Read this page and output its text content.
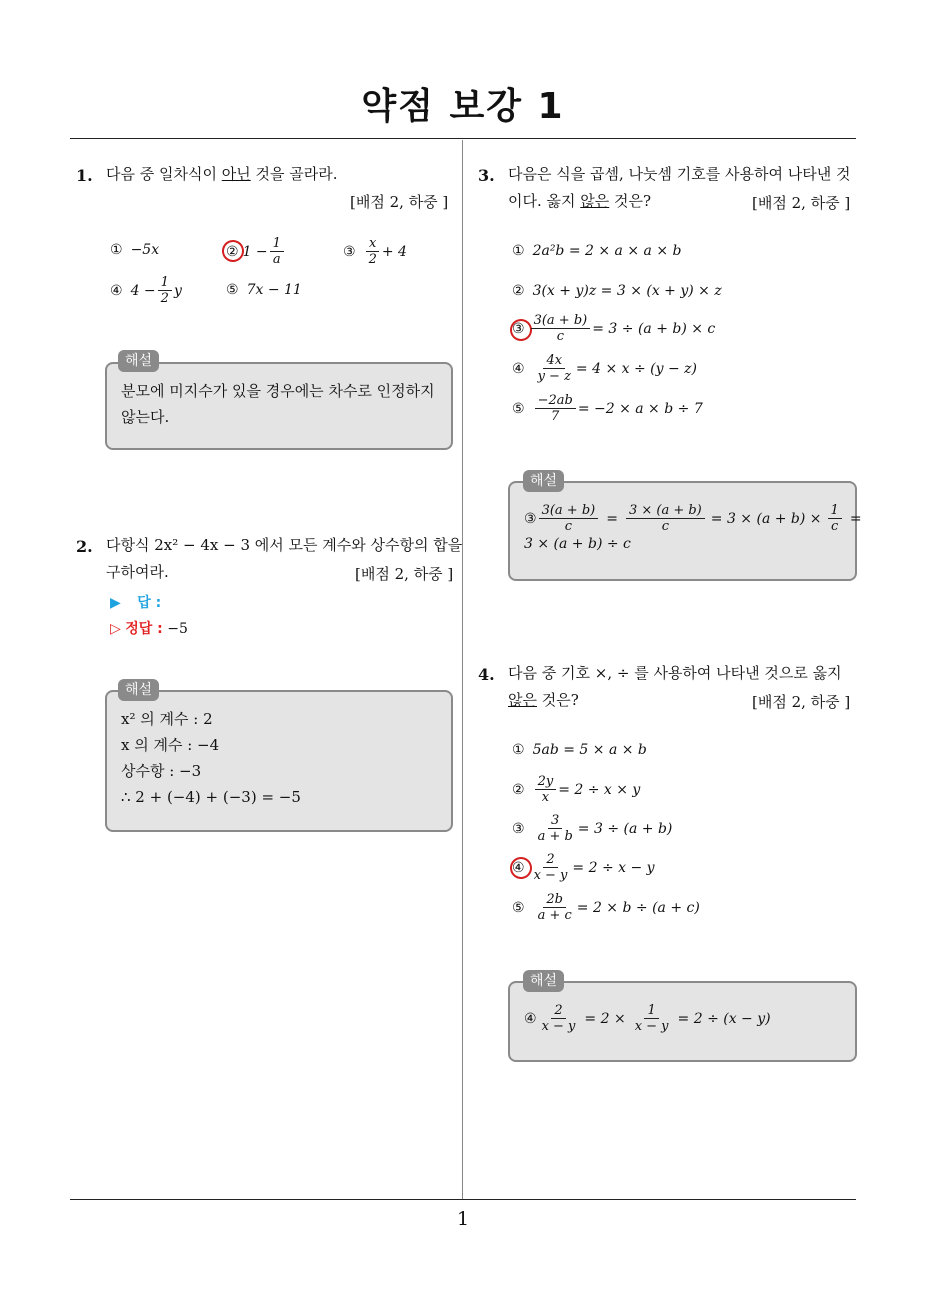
약점 보강 1
1. 다음 중 일차식이 아닌 것을 골라라.
[배점 2, 하중 ]
① −5x	② $1 - \frac{1}{a}$	③ $\frac{x}{2} + 4$
④ $4 - \frac{1}{2}$ y	⑤ 7x − 11
분모에 미지수가 있을 경우에는 차수로 인정하지 않는다.
해설
2. 다항식 2x² − 4x − 3 에서 모든 계수와 상수항의 합을
구하여라.	[배점 2, 하중 ]
▶ 답 :
▷ 정답 : −5
x² 의 계수 : 2
x 의 계수 : −4
상수항 : −3
∴ 2 + (−4) + (−3) = −5
해설
3. 다음은 식을 곱셈, 나눗셈 기호를 사용하여 나타낸 것
이다. 옳지 않은 것은?	[배점 2, 하중 ]
① 2a²b = 2 × a × a × b
② 3(x + y)z = 3 × (x + y) × z
③ $\frac{3(a + b)}{c} = 3 \div (a + b) \times c$
④ $\frac{4x}{y - z} = 4 \times x \div (y - z)$
⑤ $\frac{-2ab}{7} = -2 \times a \times b \div 7$
③ $\frac{3(a + b)}{c} = \frac{3 \times (a + b)}{c} = 3 \times (a + b) \times \frac{1}{c}$ =
3 × (a + b) ÷ c
해설
4. 다음 중 기호 ×, ÷ 를 사용하여 나타낸 것으로 옳지
않은 것은?	[배점 2, 하중 ]
① 5ab = 5 × a × b
② $\frac{2y}{x} = 2 \div x \times y$
③ $\frac{3}{a + b} = 3 \div (a + b)$
④ $\frac{2}{x - y} = 2 \div x - y$
⑤ $\frac{2b}{a + c} = 2 \times b \div (a + c)$
④ $\frac{2}{x - y} = 2 \times \frac{1}{x - y} = 2 \div (x - y)$
해설
1
